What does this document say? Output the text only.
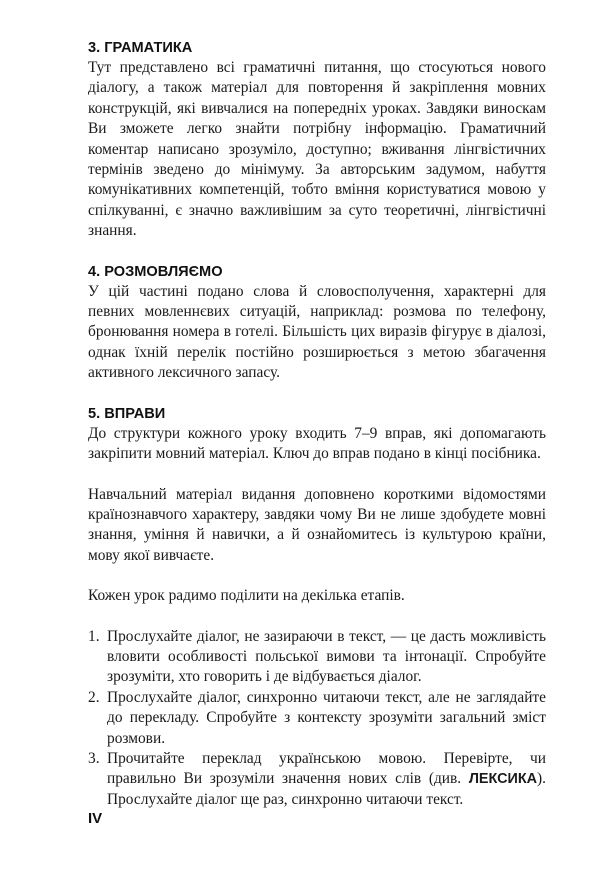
3. ГРАМАТИКА

Тут представлено всі граматичні питання, що стосуються нового діалогу, а також матеріал для повторення й закріплення мовних конструкцій, які вивчалися на попередніх уроках. Завдяки виноскам Ви зможете легко знайти потрібну інформацію. Граматичний коментар написано зрозуміло, доступно; вживання лінгвістичних термінів зведено до мінімуму. За авторським задумом, набуття комунікативних компетенцій, тобто вміння користуватися мовою у спілкуванні, є значно важливішим за суто теоретичні, лінгвістичні знання.

4. РОЗМОВЛЯЄМО

У цій частині подано слова й словосполучення, характерні для певних мовленнєвих ситуацій, наприклад: розмова по телефону, бронювання номера в готелі. Більшість цих виразів фігурує в діалозі, однак їхній перелік постійно розширюється з метою збагачення активного лексичного запасу.

5. ВПРАВИ

До структури кожного уроку входить 7–9 вправ, які допомагають закріпити мовний матеріал. Ключ до вправ подано в кінці посібника.

Навчальний матеріал видання доповнено короткими відомостями країнознавчого характеру, завдяки чому Ви не лише здобудете мовні знання, уміння й навички, а й ознайомитесь із культурою країни, мову якої вивчаєте.

Кожен урок радимо поділити на декілька етапів.

1. Прослухайте діалог, не зазираючи в текст, — це дасть можливість вловити особливості польської вимови та інтонації. Спробуйте зрозуміти, хто говорить і де відбувається діалог.
2. Прослухайте діалог, синхронно читаючи текст, але не заглядайте до перекладу. Спробуйте з контексту зрозуміти загальний зміст розмови.
3. Прочитайте переклад українською мовою. Перевірте, чи правильно Ви зрозуміли значення нових слів (див. ЛЕКСИКА). Прослухайте діалог ще раз, синхронно читаючи текст.
IV
